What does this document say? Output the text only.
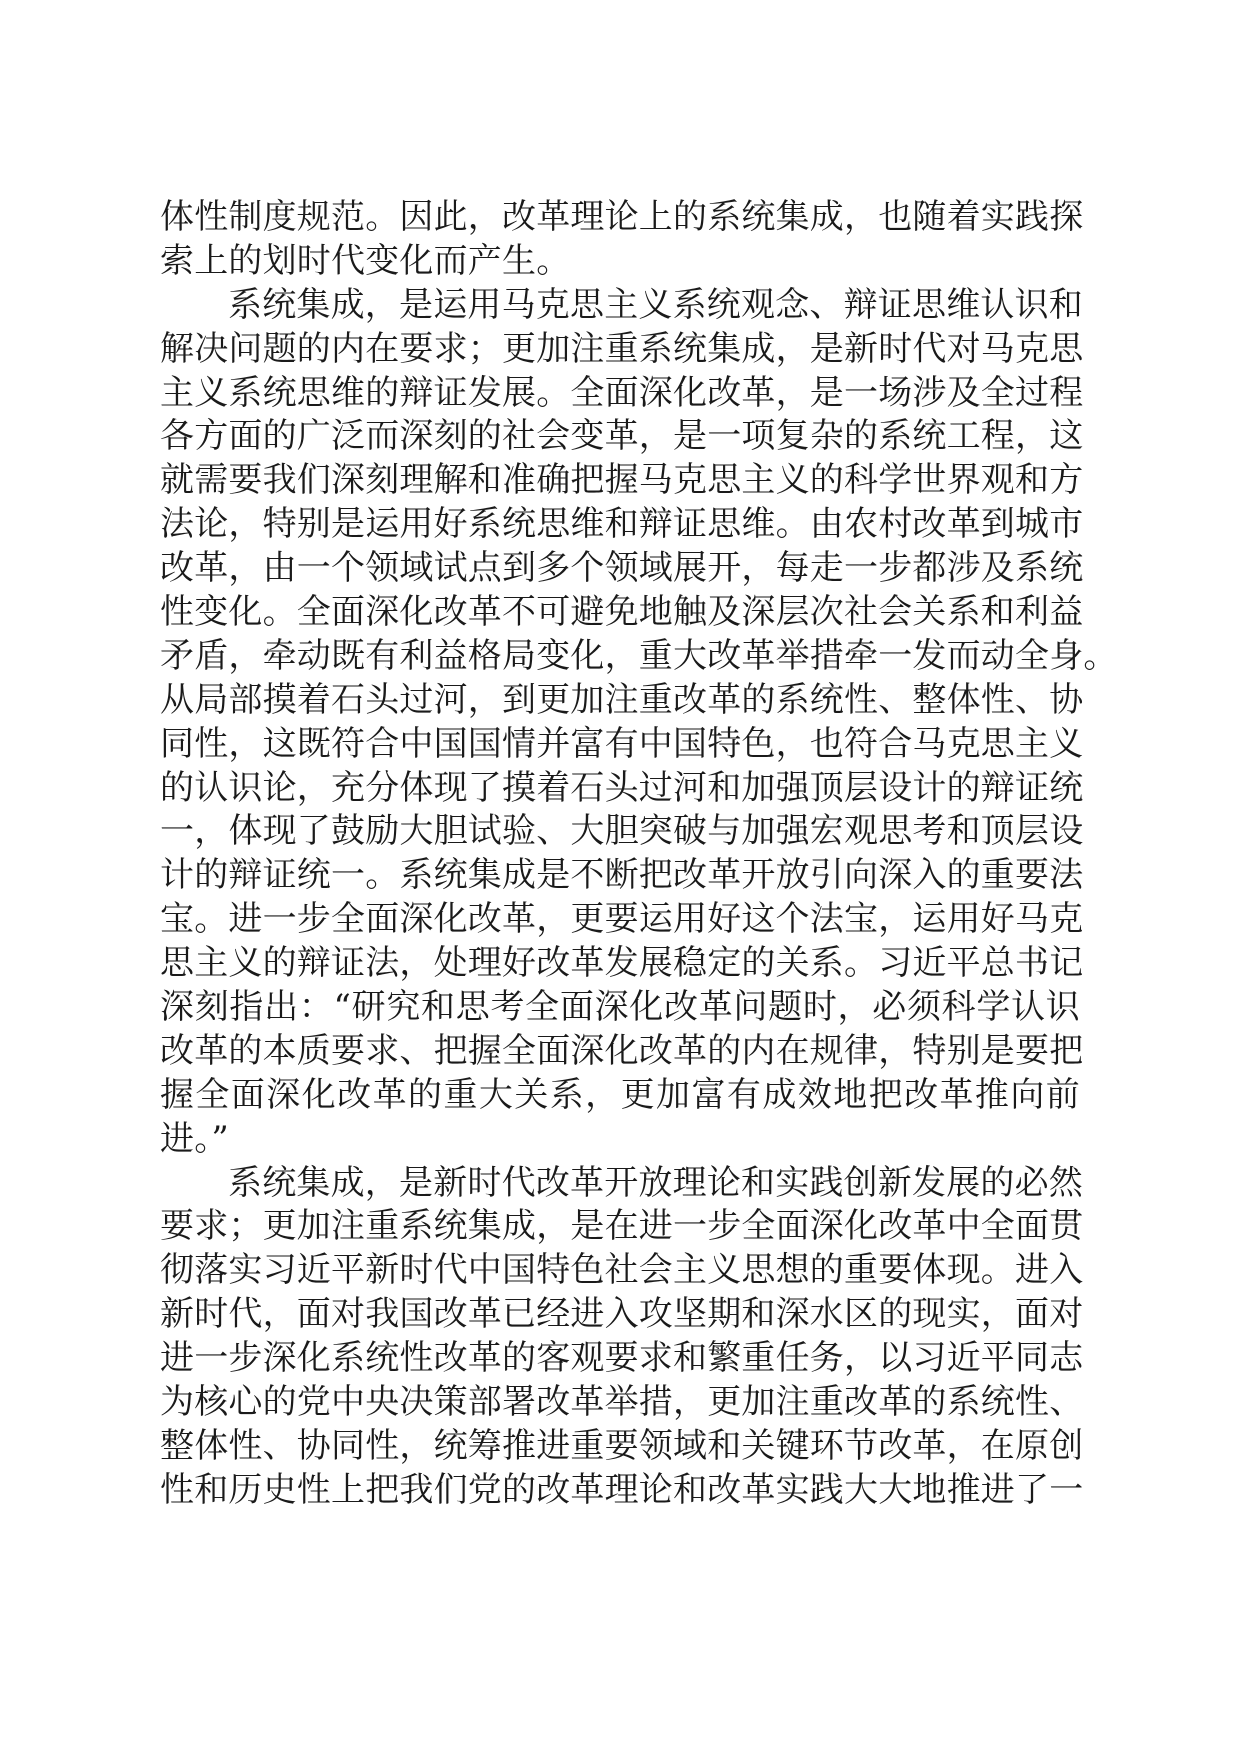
体性制度规范。因此，改革理论上的系统集成，也随着实践探
索上的划时代变化而产生。
系统集成，是运用马克思主义系统观念、辩证思维认识和
解决问题的内在要求；更加注重系统集成，是新时代对马克思
主义系统思维的辩证发展。全面深化改革，是一场涉及全过程
各方面的广泛而深刻的社会变革，是一项复杂的系统工程，这
就需要我们深刻理解和准确把握马克思主义的科学世界观和方
法论，特别是运用好系统思维和辩证思维。由农村改革到城市
改革，由一个领域试点到多个领域展开，每走一步都涉及系统
性变化。全面深化改革不可避免地触及深层次社会关系和利益
矛盾，牵动既有利益格局变化，重大改革举措牵一发而动全身。
从局部摸着石头过河，到更加注重改革的系统性、整体性、协
同性，这既符合中国国情并富有中国特色，也符合马克思主义
的认识论，充分体现了摸着石头过河和加强顶层设计的辩证统
一，体现了鼓励大胆试验、大胆突破与加强宏观思考和顶层设
计的辩证统一。系统集成是不断把改革开放引向深入的重要法
宝。进一步全面深化改革，更要运用好这个法宝，运用好马克
思主义的辩证法，处理好改革发展稳定的关系。习近平总书记
深刻指出：“研究和思考全面深化改革问题时，必须科学认识
改革的本质要求、把握全面深化改革的内在规律，特别是要把
握全面深化改革的重大关系，更加富有成效地把改革推向前
进。”
系统集成，是新时代改革开放理论和实践创新发展的必然
要求；更加注重系统集成，是在进一步全面深化改革中全面贯
彻落实习近平新时代中国特色社会主义思想的重要体现。进入
新时代，面对我国改革已经进入攻坚期和深水区的现实，面对
进一步深化系统性改革的客观要求和繁重任务，以习近平同志
为核心的党中央决策部署改革举措，更加注重改革的系统性、
整体性、协同性，统筹推进重要领域和关键环节改革，在原创
性和历史性上把我们党的改革理论和改革实践大大地推进了一
